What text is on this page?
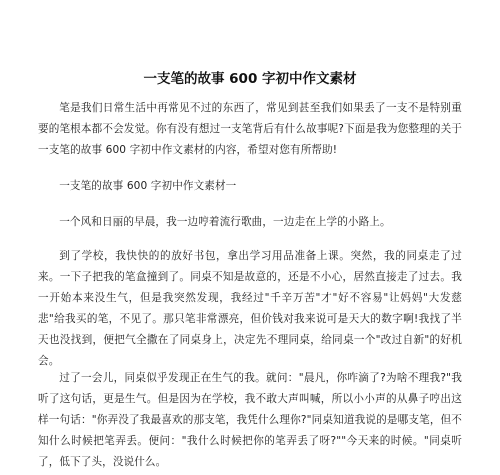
一支笔的故事 600 字初中作文素材

笔是我们日常生活中再常见不过的东西了，常见到甚至我们如果丢了一支不是特别重要的笔根本都不会发觉。你有没有想过一支笔背后有什么故事呢?下面是我为您整理的关于一支笔的故事 600 字初中作文素材的内容，希望对您有所帮助!

一支笔的故事 600 字初中作文素材一

一个风和日丽的早晨，我一边哼着流行歌曲，一边走在上学的小路上。

到了学校，我快快的的放好书包，拿出学习用品准备上课。突然，我的同桌走了过来。一下子把我的笔盒撞到了。同桌不知是故意的，还是不小心，居然直接走了过去。我一开始本来没生气，但是我突然发现，我经过"千辛万苦"才"好不容易"让妈妈"大发慈悲"给我买的笔，不见了。那只笔非常漂亮，但价钱对我来说可是天大的数字啊!我找了半天也没找到，便把气全撒在了同桌身上，决定先不理同桌，给同桌一个"改过自新"的好机会。

过了一会儿，同桌似乎发现正在生气的我。就问："晨凡，你咋滴了?为啥不理我?"我听了这句话，更是生气。但是因为在学校，我不敢大声叫喊，所以小小声的从鼻子哼出这样一句话："你弄没了我最喜欢的那支笔，我凭什么理你?"同桌知道我说的是哪支笔，但不知什么时候把笔弄丢。便问："我什么时候把你的笔弄丢了呀?""今天来的时候。"同桌听了，低下了头，没说什么。
